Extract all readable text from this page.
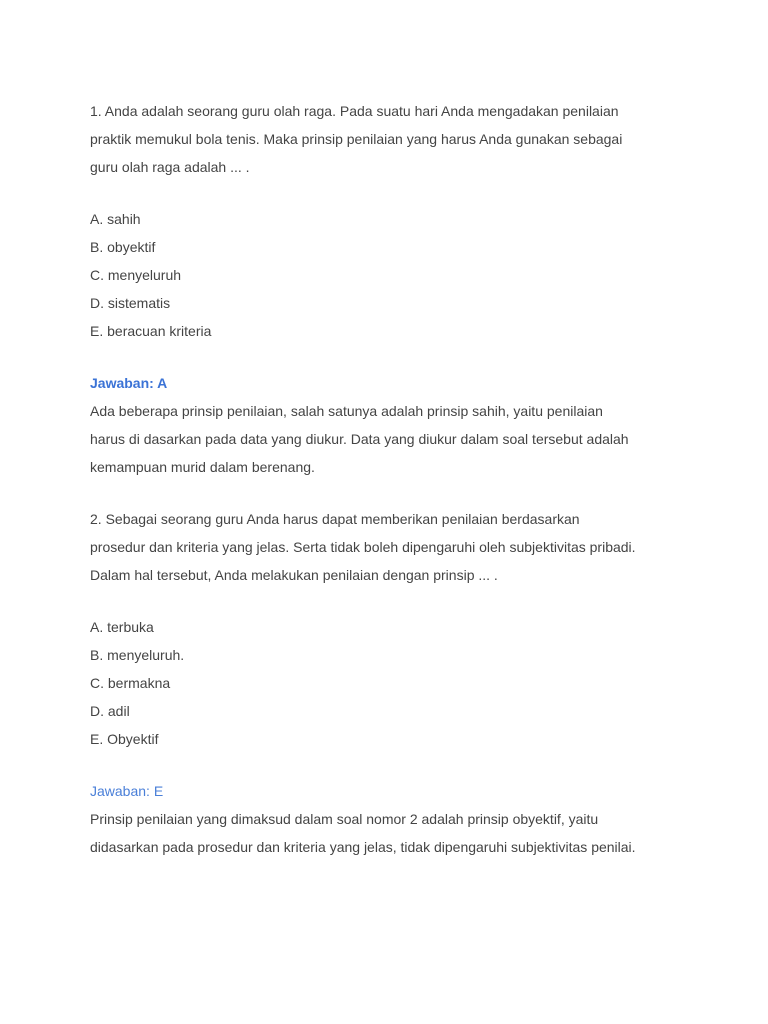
1. Anda adalah seorang guru olah raga. Pada suatu hari Anda mengadakan penilaian
praktik memukul bola tenis. Maka prinsip penilaian yang harus Anda gunakan sebagai
guru olah raga adalah ... .
A. sahih
B. obyektif
C. menyeluruh
D. sistematis
E. beracuan kriteria
Jawaban: A
Ada beberapa prinsip penilaian, salah satunya adalah prinsip sahih, yaitu penilaian
harus di dasarkan pada data yang diukur. Data yang diukur dalam soal tersebut adalah
kemampuan murid dalam berenang.
2. Sebagai seorang guru Anda harus dapat memberikan penilaian berdasarkan
prosedur dan kriteria yang jelas. Serta tidak boleh dipengaruhi oleh subjektivitas pribadi.
Dalam hal tersebut, Anda melakukan penilaian dengan prinsip ... .
A. terbuka
B. menyeluruh.
C. bermakna
D. adil
E. Obyektif
Jawaban: E
Prinsip penilaian yang dimaksud dalam soal nomor 2 adalah prinsip obyektif, yaitu
didasarkan pada prosedur dan kriteria yang jelas, tidak dipengaruhi subjektivitas penilai.
